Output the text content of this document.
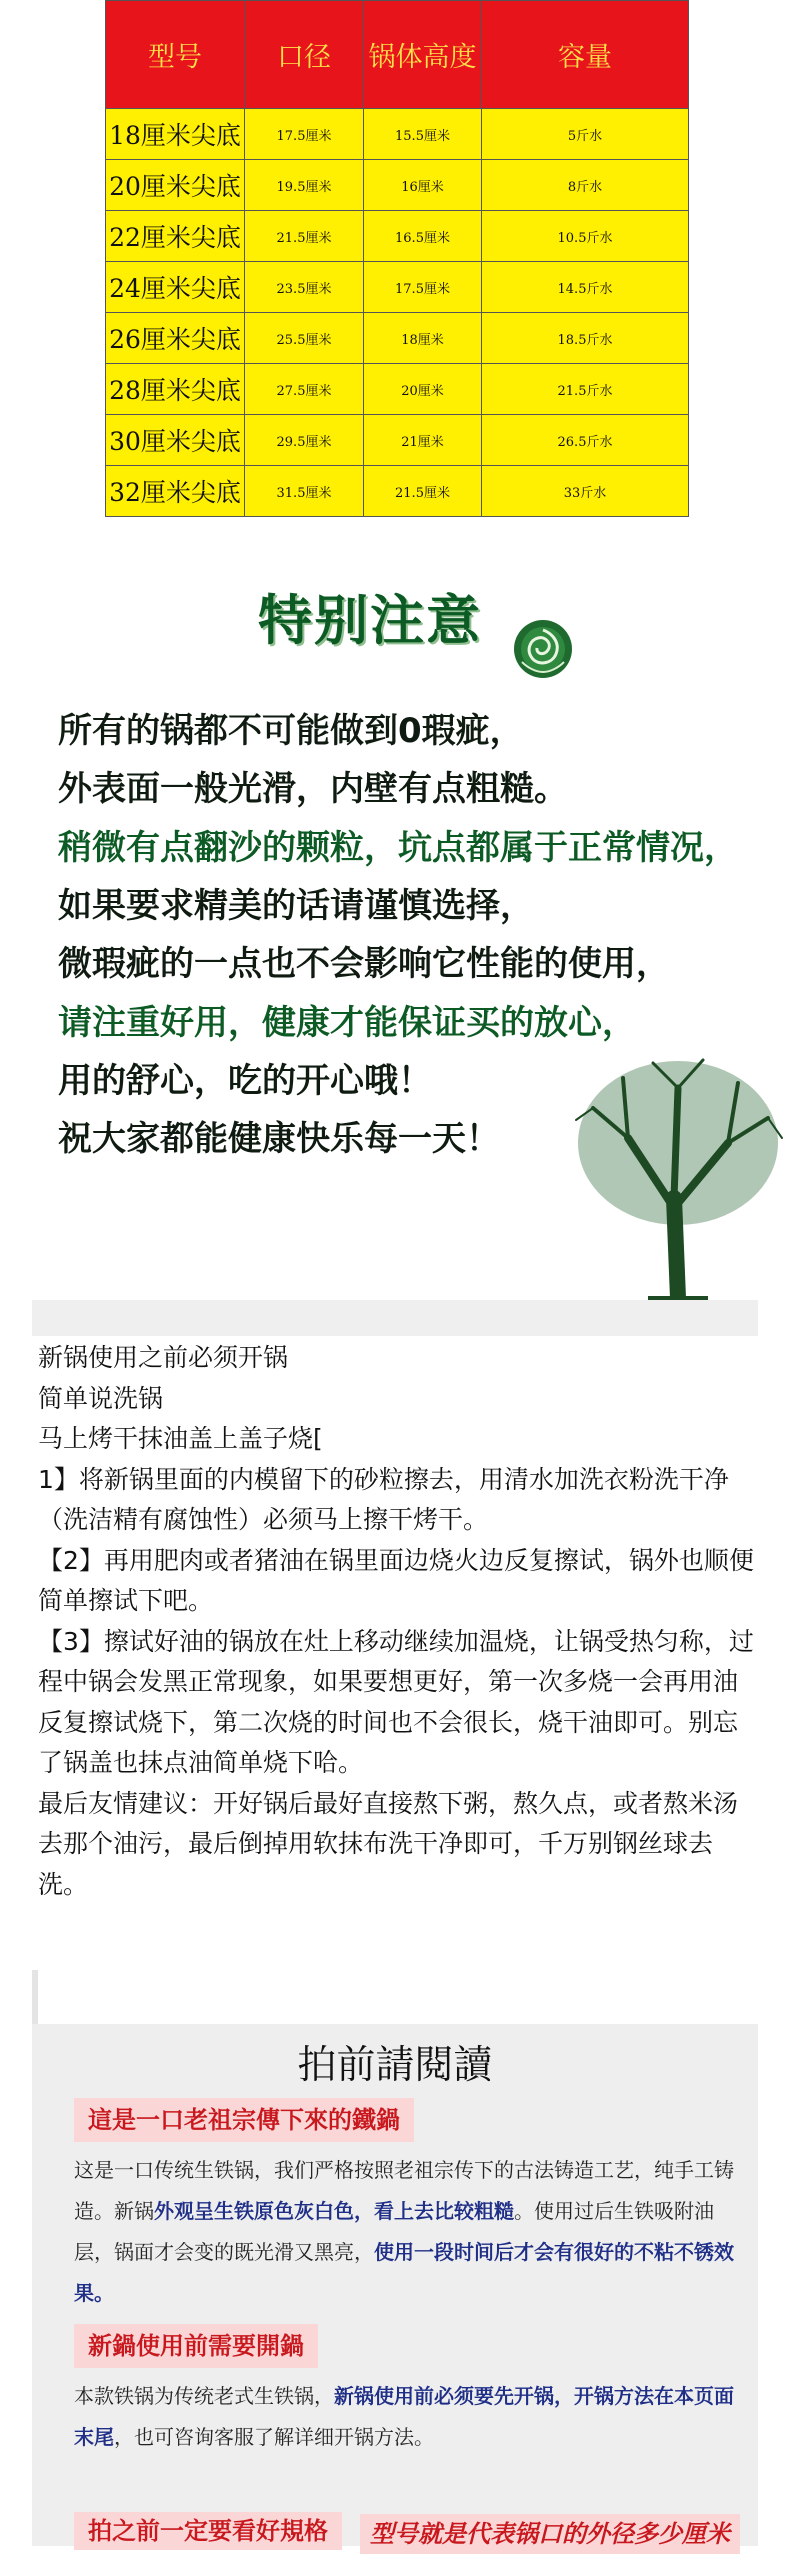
型号	口径	锅体高度	容量
18厘米尖底	17.5厘米	15.5厘米	5斤水
20厘米尖底	19.5厘米	16厘米	8斤水
22厘米尖底	21.5厘米	16.5厘米	10.5斤水
24厘米尖底	23.5厘米	17.5厘米	14.5斤水
26厘米尖底	25.5厘米	18厘米	18.5斤水
28厘米尖底	27.5厘米	20厘米	21.5斤水
30厘米尖底	29.5厘米	21厘米	26.5斤水
32厘米尖底	31.5厘米	21.5厘米	33斤水
特别注意
所有的锅都不可能做到0瑕疵，
外表面一般光滑，内壁有点粗糙。
稍微有点翻沙的颗粒，坑点都属于正常情况，
如果要求精美的话请谨慎选择，
微瑕疵的一点也不会影响它性能的使用，
请注重好用，健康才能保证买的放心，
用的舒心，吃的开心哦！
祝大家都能健康快乐每一天！

新锅使用之前必须开锅

简单说洗锅

马上烤干抹油盖上盖子烧[

1】将新锅里面的内模留下的砂粒擦去，用清水加洗衣粉洗干净（洗洁精有腐蚀性）必须马上擦干烤干。

【2】再用肥肉或者猪油在锅里面边烧火边反复擦试，锅外也顺便简单擦试下吧。

【3】擦试好油的锅放在灶上移动继续加温烧，让锅受热匀称，过程中锅会发黑正常现象，如果要想更好，第一次多烧一会再用油反复擦试烧下，第二次烧的时间也不会很长，烧干油即可。别忘了锅盖也抹点油简单烧下哈。

最后友情建议：开好锅后最好直接熬下粥，熬久点，或者熬米汤去那个油污，最后倒掉用软抹布洗干净即可，千万别钢丝球去洗。

拍前請閱讀
這是一口老祖宗傳下來的鐵鍋
这是一口传统生铁锅，我们严格按照老祖宗传下的古法铸造工艺，纯手工铸造。新锅外观呈生铁原色灰白色，看上去比较粗糙。使用过后生铁吸附油层，锅面才会变的既光滑又黑亮，使用一段时间后才会有很好的不粘不锈效果。
新鍋使用前需要開鍋
本款铁锅为传统老式生铁锅，新锅使用前必须要先开锅，开锅方法在本页面末尾，也可咨询客服了解详细开锅方法。
拍之前一定要看好規格	型号就是代表锅口的外径多少厘米
